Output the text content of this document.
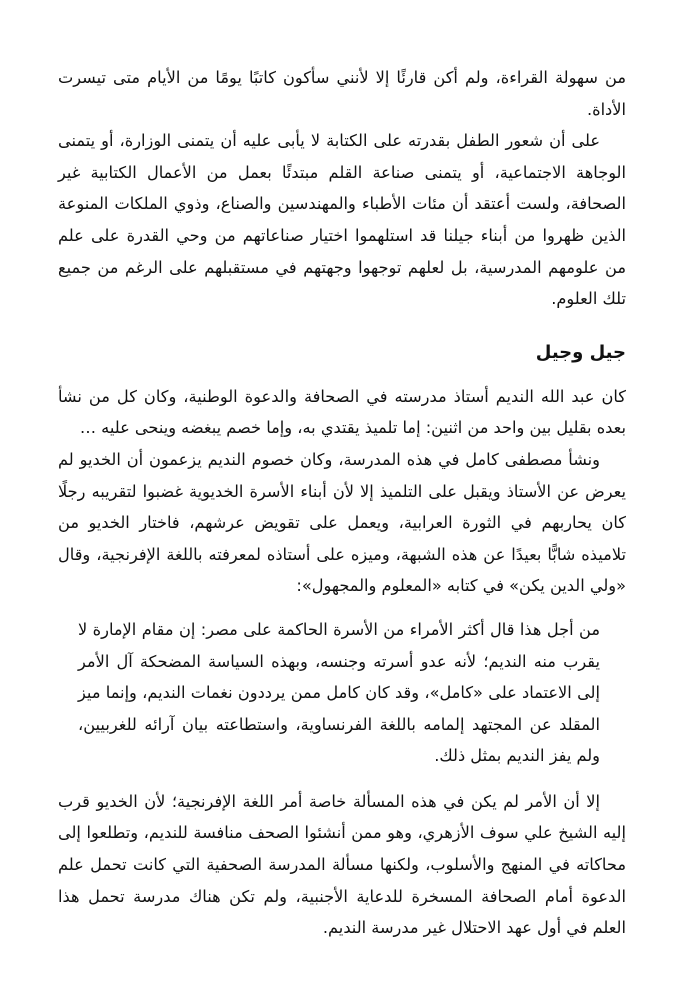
من سهولة القراءة، ولم أكن قارئًا إلا لأنني سأكون كاتبًا يومًا من الأيام متى تيسرت الأداة.

على أن شعور الطفل بقدرته على الكتابة لا يأبى عليه أن يتمنى الوزارة، أو يتمنى الوجاهة الاجتماعية، أو يتمنى صناعة القلم مبتدئًا بعمل من الأعمال الكتابية غير الصحافة، ولست أعتقد أن مئات الأطباء والمهندسين والصناع، وذوي الملكات المنوعة الذين ظهروا من أبناء جيلنا قد استلهموا اختيار صناعاتهم من وحي القدرة على علم من علومهم المدرسية، بل لعلهم توجهوا وجهتهم في مستقبلهم على الرغم من جميع تلك العلوم.

جيل وجيل

كان عبد الله النديم أستاذ مدرسته في الصحافة والدعوة الوطنية، وكان كل من نشأ بعده بقليل بين واحد من اثنين: إما تلميذ يقتدي به، وإما خصم يبغضه وينحى عليه …

ونشأ مصطفى كامل في هذه المدرسة، وكان خصوم النديم يزعمون أن الخديو لم يعرض عن الأستاذ ويقبل على التلميذ إلا لأن أبناء الأسرة الخديوية غضبوا لتقريبه رجلًا كان يحاربهم في الثورة العرابية، ويعمل على تقويض عرشهم، فاختار الخديو من تلاميذه شابًّا بعيدًا عن هذه الشبهة، وميزه على أستاذه لمعرفته باللغة الإفرنجية، وقال «ولي الدين يكن» في كتابه «المعلوم والمجهول»:

من أجل هذا قال أكثر الأمراء من الأسرة الحاكمة على مصر: إن مقام الإمارة لا يقرب منه النديم؛ لأنه عدو أسرته وجنسه، وبهذه السياسة المضحكة آل الأمر إلى الاعتماد على «كامل»، وقد كان كامل ممن يرددون نغمات النديم، وإنما ميز المقلد عن المجتهد إلمامه باللغة الفرنساوية، واستطاعته بيان آرائه للغربيين، ولم يفز النديم بمثل ذلك.

إلا أن الأمر لم يكن في هذه المسألة خاصة أمر اللغة الإفرنجية؛ لأن الخديو قرب إليه الشيخ علي سوف الأزهري، وهو ممن أنشئوا الصحف منافسة للنديم، وتطلعوا إلى محاكاته في المنهج والأسلوب، ولكنها مسألة المدرسة الصحفية التي كانت تحمل علم الدعوة أمام الصحافة المسخرة للدعاية الأجنبية، ولم تكن هناك مدرسة تحمل هذا العلم في أول عهد الاحتلال غير مدرسة النديم.
